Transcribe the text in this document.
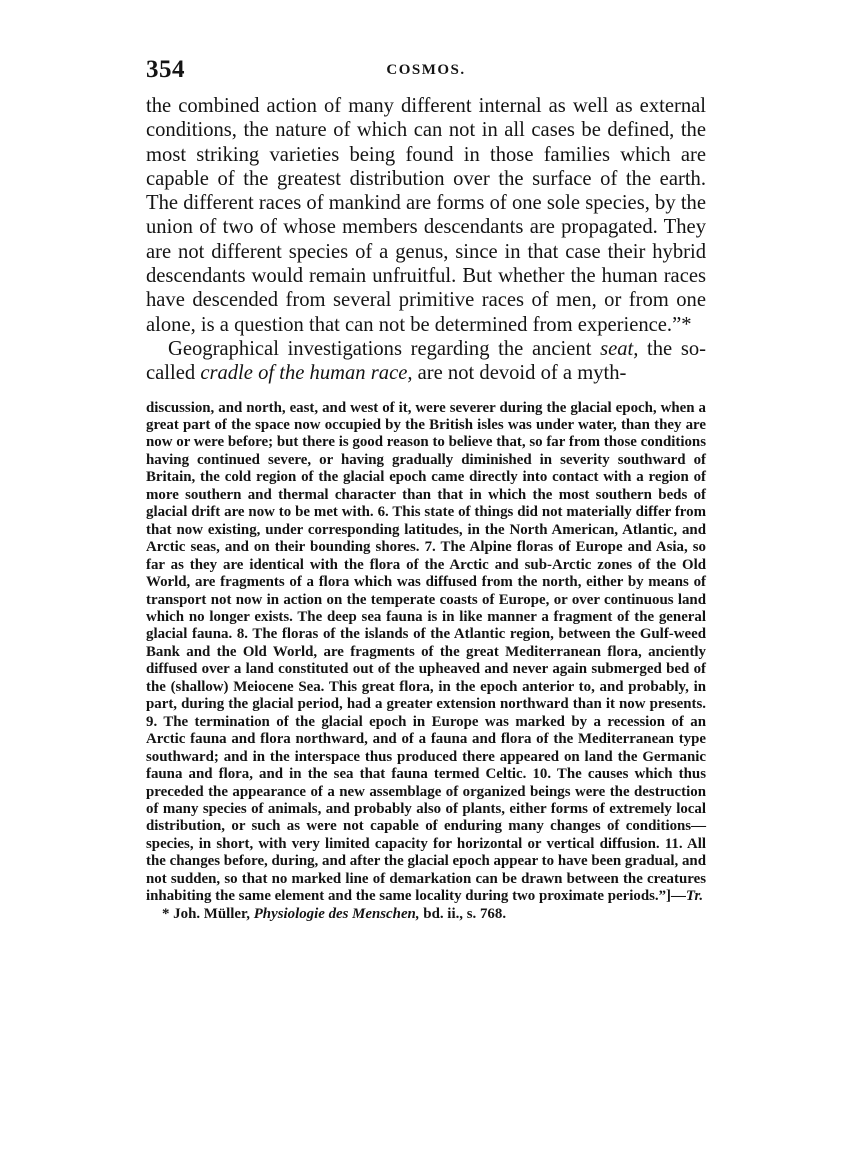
354	COSMOS.

the combined action of many different internal as well as external conditions, the nature of which can not in all cases be defined, the most striking varieties being found in those families which are capable of the greatest distribution over the surface of the earth. The different races of mankind are forms of one sole species, by the union of two of whose members descendants are propagated. They are not different species of a genus, since in that case their hybrid descendants would remain unfruitful. But whether the human races have descended from several primitive races of men, or from one alone, is a question that can not be determined from experience.”*

Geographical investigations regarding the ancient seat, the so-called cradle of the human race, are not devoid of a myth-

discussion, and north, east, and west of it, were severer during the glacial epoch, when a great part of the space now occupied by the British isles was under water, than they are now or were before; but there is good reason to believe that, so far from those conditions having continued severe, or having gradually diminished in severity southward of Britain, the cold region of the glacial epoch came directly into contact with a region of more southern and thermal character than that in which the most southern beds of glacial drift are now to be met with. 6. This state of things did not materially differ from that now existing, under corresponding latitudes, in the North American, Atlantic, and Arctic seas, and on their bounding shores. 7. The Alpine floras of Europe and Asia, so far as they are identical with the flora of the Arctic and sub-Arctic zones of the Old World, are fragments of a flora which was diffused from the north, either by means of transport not now in action on the temperate coasts of Europe, or over continuous land which no longer exists. The deep sea fauna is in like manner a fragment of the general glacial fauna. 8. The floras of the islands of the Atlantic region, between the Gulf-weed Bank and the Old World, are fragments of the great Mediterranean flora, anciently diffused over a land constituted out of the upheaved and never again submerged bed of the (shallow) Meiocene Sea. This great flora, in the epoch anterior to, and probably, in part, during the glacial period, had a greater extension northward than it now presents. 9. The termination of the glacial epoch in Europe was marked by a recession of an Arctic fauna and flora northward, and of a fauna and flora of the Mediterranean type southward; and in the interspace thus produced there appeared on land the Germanic fauna and flora, and in the sea that fauna termed Celtic. 10. The causes which thus preceded the appearance of a new assemblage of organized beings were the destruction of many species of animals, and probably also of plants, either forms of extremely local distribution, or such as were not capable of enduring many changes of conditions—species, in short, with very limited capacity for horizontal or vertical diffusion. 11. All the changes before, during, and after the glacial epoch appear to have been gradual, and not sudden, so that no marked line of demarkation can be drawn between the creatures inhabiting the same element and the same locality during two proximate periods.”]—Tr.

* Joh. Müller, Physiologie des Menschen, bd. ii., s. 768.
